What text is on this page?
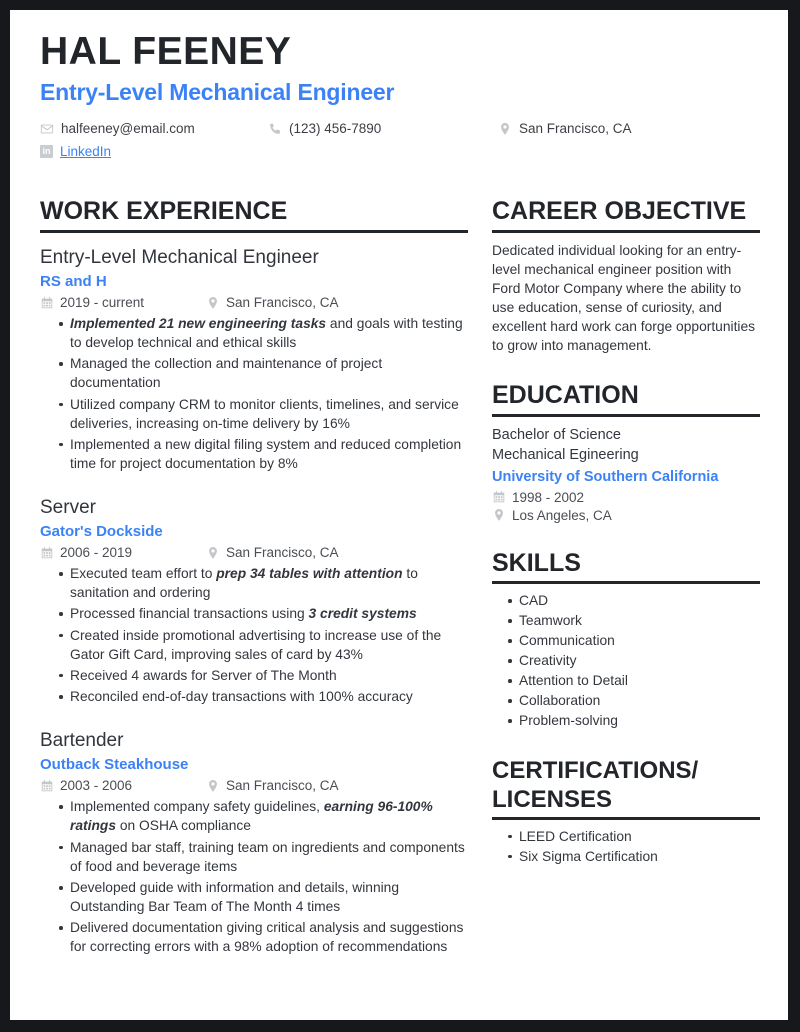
HAL FEENEY
Entry-Level Mechanical Engineer
halfeeney@email.com	(123) 456-7890	San Francisco, CA
in LinkedIn
WORK EXPERIENCE
Entry-Level Mechanical Engineer
RS and H
2019 - current	San Francisco, CA
Implemented 21 new engineering tasks and goals with testing to develop technical and ethical skills
Managed the collection and maintenance of project documentation
Utilized company CRM to monitor clients, timelines, and service deliveries, increasing on-time delivery by 16%
Implemented a new digital filing system and reduced completion time for project documentation by 8%
Server
Gator's Dockside
2006 - 2019	San Francisco, CA
Executed team effort to prep 34 tables with attention to sanitation and ordering
Processed financial transactions using 3 credit systems
Created inside promotional advertising to increase use of the Gator Gift Card, improving sales of card by 43%
Received 4 awards for Server of The Month
Reconciled end-of-day transactions with 100% accuracy
Bartender
Outback Steakhouse
2003 - 2006	San Francisco, CA
Implemented company safety guidelines, earning 96-100% ratings on OSHA compliance
Managed bar staff, training team on ingredients and components of food and beverage items
Developed guide with information and details, winning Outstanding Bar Team of The Month 4 times
Delivered documentation giving critical analysis and suggestions for correcting errors with a 98% adoption of recommendations
CAREER OBJECTIVE
Dedicated individual looking for an entry-level mechanical engineer position with Ford Motor Company where the ability to use education, sense of curiosity, and excellent hard work can forge opportunities to grow into management.
EDUCATION
Bachelor of Science
Mechanical Egineering
University of Southern California
1998 - 2002
Los Angeles, CA
SKILLS
CAD
Teamwork
Communication
Creativity
Attention to Detail
Collaboration
Problem-solving
CERTIFICATIONS/ LICENSES
LEED Certification
Six Sigma Certification
